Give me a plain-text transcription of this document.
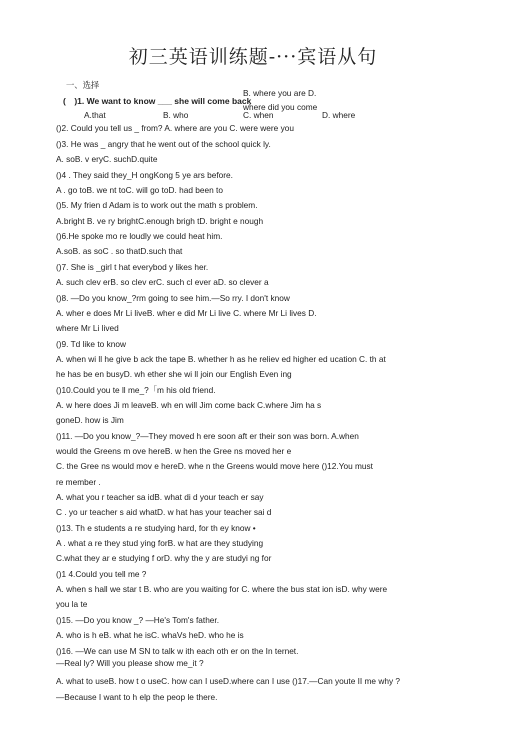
初三英语训练题-···宾语从句
一、选择
B. where you are D.
(　)1. We want to know ___ she will come back
where did you come
A.that	B. who	C. when	D. where
()2. Could you tell us _ from? A. where are you C. were were you
()3. He was _ angry that he went out of the school quick ly.
A. soB. v eryC. suchD.quite
()4 . They said they_H ongKong 5 ye ars before.
A . go toB. we nt toC. will go toD. had been to
()5. My frien d Adam is to work out the math s problem.
A.bright B. ve ry brightC.enough brigh tD. bright e nough
()6.He spoke mo re loudly we could heat him.
A.soB. as soC . so thatD.such that
()7. She is _girl t hat everybod y likes her.
A. such clev erB. so clev erC. such cl ever aD. so clever a
()8. —Do you know_?rm going to see him.—So rry. I don't know
A. wher e does Mr Li liveB. wher e did Mr Li live C. where Mr Li lives D.
where Mr Li lived
()9. Td like to know
A. when wi ll he give b ack the tape B. whether h as he reliev ed higher ed ucation C. th at
he has be en busyD. wh ether she wi ll join our English Even ing
()10.Could you te ll me_?「m his old friend.
A. w here does Ji m leaveB. wh en will Jim come back C.where Jim ha s
goneD. how is Jim
()11. —Do you know_?—They moved h ere soon aft er their son was born. A.when
would the Greens m ove hereB. w hen the Gree ns moved her e
C. the Gree ns would mov e hereD. whe n the Greens would move here ()12.You must
re member .
A. what you r teacher sa idB. what di d your teach er say
C . yo ur teacher s aid whatD. w hat has your teacher sai d
()13. Th e students a re studying hard, for th ey know •
A . what a re they stud ying forB. w hat are they studying
C.what they ar e studying f orD. why the y are studyi ng for
()1 4.Could you tell me ?
A. when s hall we star t B. who are you waiting for C. where the bus stat ion isD. why were
you la te
()15. —Do you know _? —He's Tom's father.
A. who is h eB. what he isC. whaVs heD. who he is
()16. —We can use M SN to talk w ith each oth er on the In ternet.
—Real ly? Will you please show me_it ?
A. what to useB. how t o useC. how can I useD.where can I use ()17.—Can youte II me why ?
—Because I want to h elp the peop le there.
